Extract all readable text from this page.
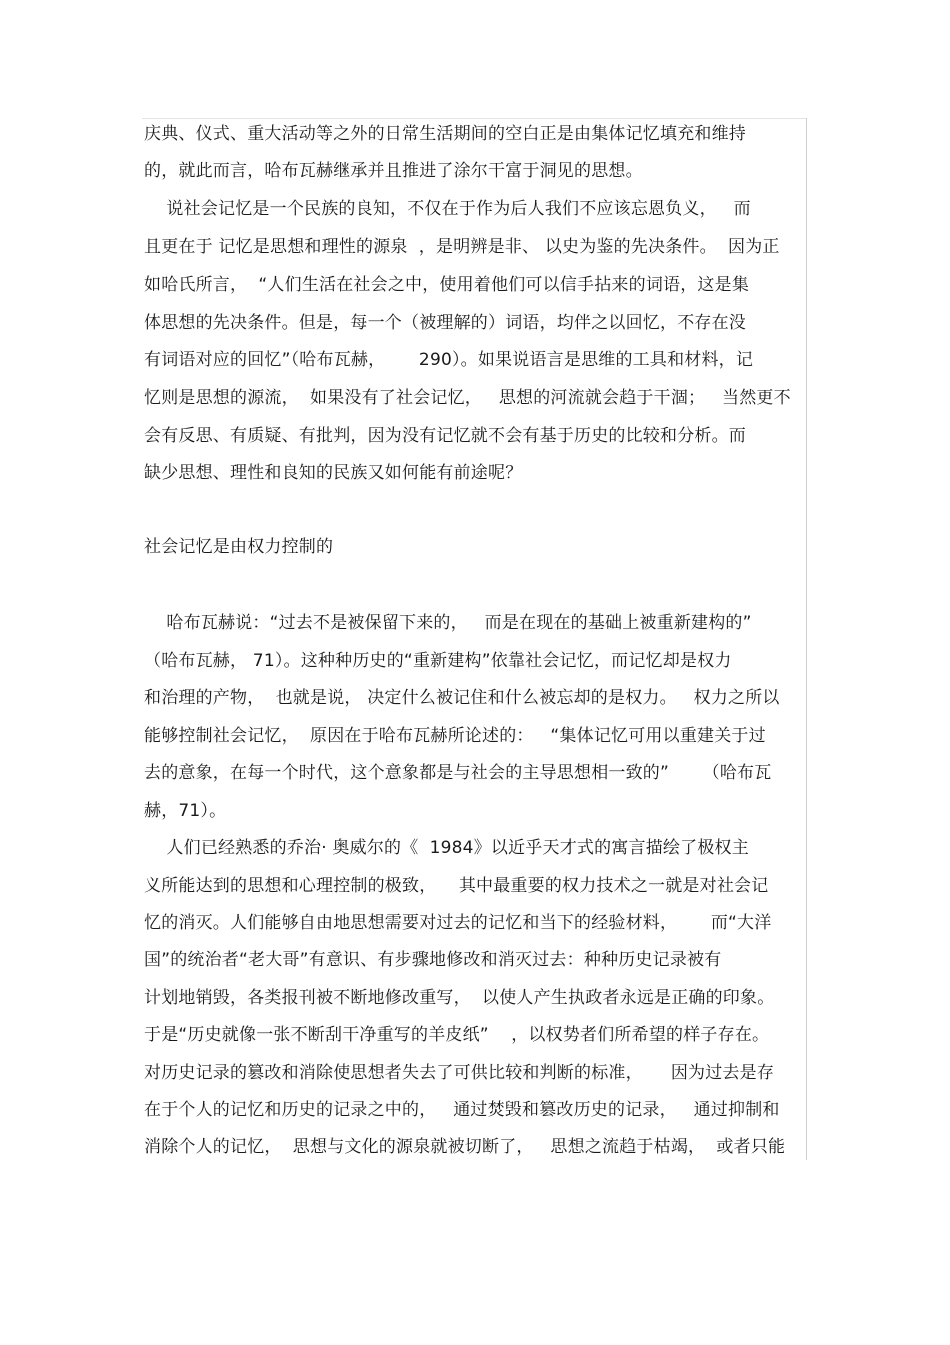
庆典、仪式、重大活动等之外的日常生活期间的空白正是由集体记忆填充和维持
的，就此而言，哈布瓦赫继承并且推进了涂尔干富于洞见的思想。
说社会记忆是一个民族的良知，不仅在于作为后人我们不应该忘恩负义，   而
且更在于 记忆是思想和理性的源泉  ，是明辨是非、 以史为鉴的先决条件。  因为正
如哈氏所言，  “人们生活在社会之中，使用着他们可以信手拈来的词语，这是集
体思想的先决条件。但是，每一个（被理解的）词语，均伴之以回忆，不存在没
有词语对应的回忆”（哈布瓦赫，      290）。如果说语言是思维的工具和材料，记
忆则是思想的源流，  如果没有了社会记忆，   思想的河流就会趋于干涸；   当然更不
会有反思、有质疑、有批判，因为没有记忆就不会有基于历史的比较和分析。而
缺少思想、理性和良知的民族又如何能有前途呢？
社会记忆是由权力控制的
哈布瓦赫说：“过去不是被保留下来的，   而是在现在的基础上被重新建构的”
（哈布瓦赫， 71）。这种种历史的“重新建构”依靠社会记忆，而记忆却是权力
和治理的产物，  也就是说， 决定什么被记住和什么被忘却的是权力。   权力之所以
能够控制社会记忆，  原因在于哈布瓦赫所论述的：   “集体记忆可用以重建关于过
去的意象，在每一个时代，这个意象都是与社会的主导思想相一致的”      （哈布瓦
赫，71）。
人们已经熟悉的乔治· 奥威尔的《  1984》以近乎天才式的寓言描绘了极权主
义所能达到的思想和心理控制的极致，    其中最重要的权力技术之一就是对社会记
忆的消灭。人们能够自由地思想需要对过去的记忆和当下的经验材料，      而“大洋
国”的统治者“老大哥”有意识、有步骤地修改和消灭过去：种种历史记录被有
计划地销毁，各类报刊被不断地修改重写，  以使人产生执政者永远是正确的印象。
于是“历史就像一张不断刮干净重写的羊皮纸”    ，以权势者们所希望的样子存在。
对历史记录的篡改和消除使思想者失去了可供比较和判断的标准，     因为过去是存
在于个人的记忆和历史的记录之中的，   通过焚毁和篡改历史的记录，   通过抑制和
消除个人的记忆，  思想与文化的源泉就被切断了，   思想之流趋于枯竭，  或者只能
